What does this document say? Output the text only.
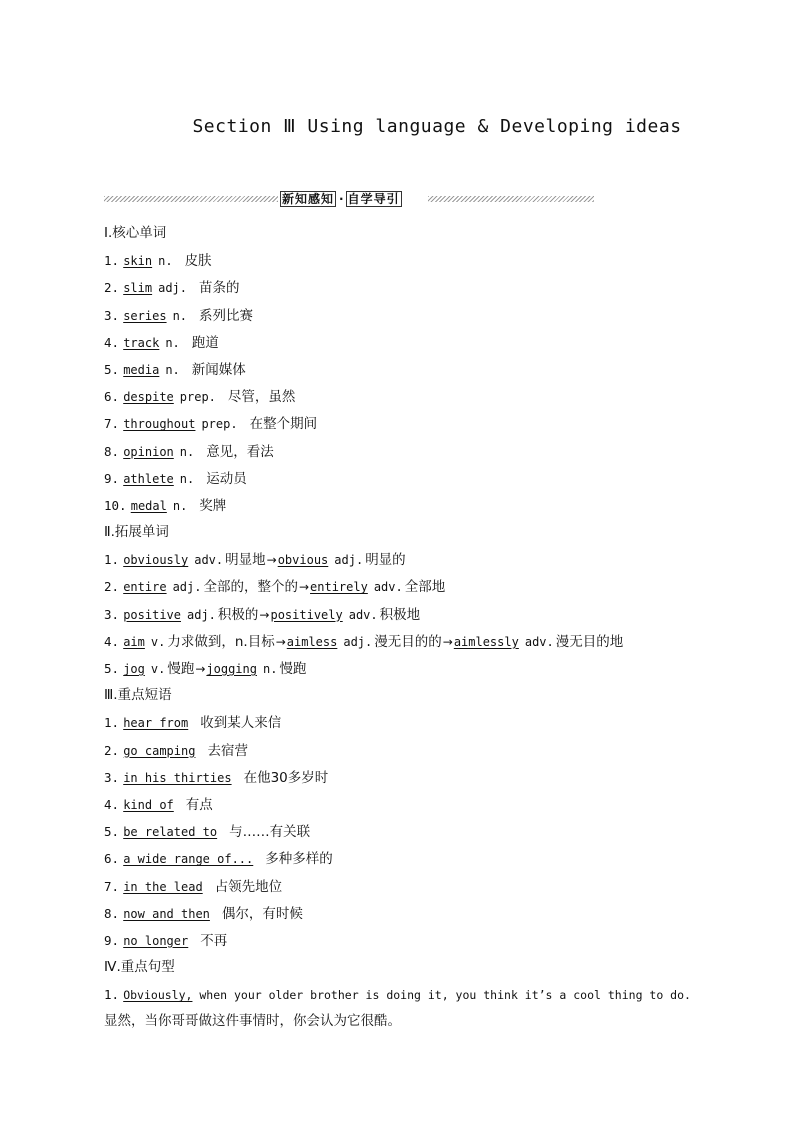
Section Ⅲ Using language & Developing ideas
新知感知 · 自学导引
Ⅰ.核心单词
1. skin n. 皮肤
2. slim adj. 苗条的
3. series n. 系列比赛
4. track n. 跑道
5. media n. 新闻媒体
6. despite prep. 尽管，虽然
7. throughout prep. 在整个期间
8. opinion n. 意见，看法
9. athlete n. 运动员
10. medal n. 奖牌
Ⅱ.拓展单词
1. obviously adv. 明显地→obvious adj. 明显的
2. entire adj. 全部的，整个的→entirely adv. 全部地
3. positive adj. 积极的→positively adv. 积极地
4. aim v. 力求做到，n.目标→aimless adj. 漫无目的的→aimlessly adv. 漫无目的地
5. jog v. 慢跑→jogging n. 慢跑
Ⅲ.重点短语
1. hear from 收到某人来信
2. go camping 去宿营
3. in his thirties 在他30多岁时
4. kind of 有点
5. be related to 与……有关联
6. a wide range of... 多种多样的
7. in the lead 占领先地位
8. now and then 偶尔，有时候
9. no longer 不再
Ⅳ.重点句型
1. Obviously, when your older brother is doing it, you think it’s a cool thing to do.
显然，当你哥哥做这件事情时，你会认为它很酷。
